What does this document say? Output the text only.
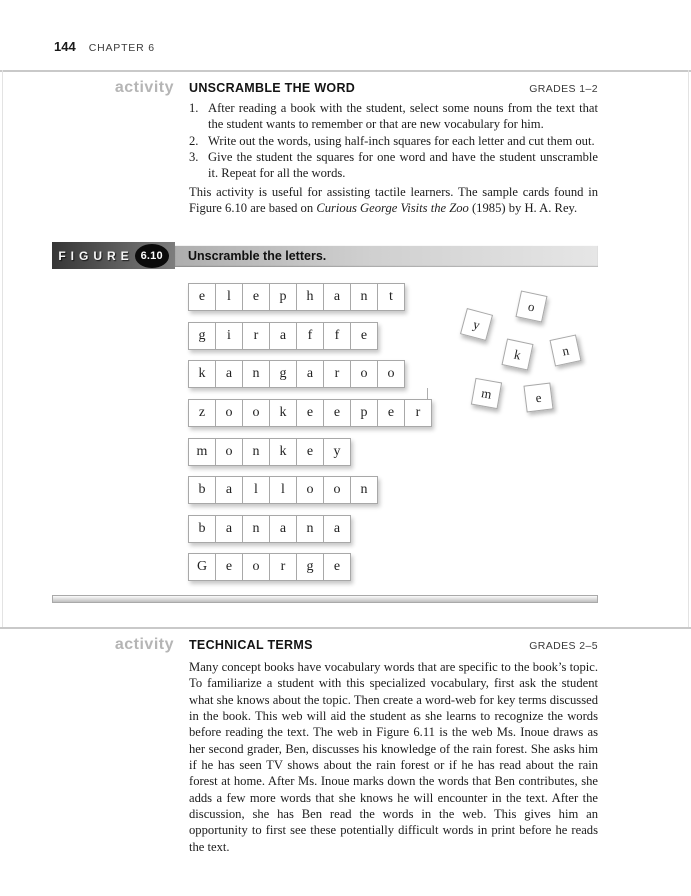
144 CHAPTER 6
activity	UNSCRAMBLE THE WORD	GRADES 1–2
1. After reading a book with the student, select some nouns from the text that the student wants to remember or that are new vocabulary for him.
2. Write out the words, using half-inch squares for each letter and cut them out.
3. Give the student the squares for one word and have the student unscramble it. Repeat for all the words.

This activity is useful for assisting tactile learners. The sample cards found in Figure 6.10 are based on Curious George Visits the Zoo (1985) by H. A. Rey.

FIGURE 6.10	Unscramble the letters.
e	l	e	p	h	a	n	t
g	i	r	a	f	f	e
k	a	n	g	a	r	o	o
z	o	o	k	e	e	p	e	r
m	o	n	k	e	y
b	a	l	l	o	o	n
b	a	n	a	n	a
G	e	o	r	g	e
y
o
k	n
m	e
activity	TECHNICAL TERMS	GRADES 2–5

Many concept books have vocabulary words that are specific to the book’s topic. To familiarize a student with this specialized vocabulary, first ask the student what she knows about the topic. Then create a word-web for key terms discussed in the book. This web will aid the student as she learns to recognize the words before reading the text. The web in Figure 6.11 is the web Ms. Inoue draws as her second grader, Ben, discusses his knowledge of the rain forest. She asks him if he has seen TV shows about the rain forest or if he has read about the rain forest at home. After Ms. Inoue marks down the words that Ben contributes, she adds a few more words that she knows he will encounter in the text. After the discussion, she has Ben read the words in the web. This gives him an opportunity to first see these potentially difficult words in print before he reads the text.
